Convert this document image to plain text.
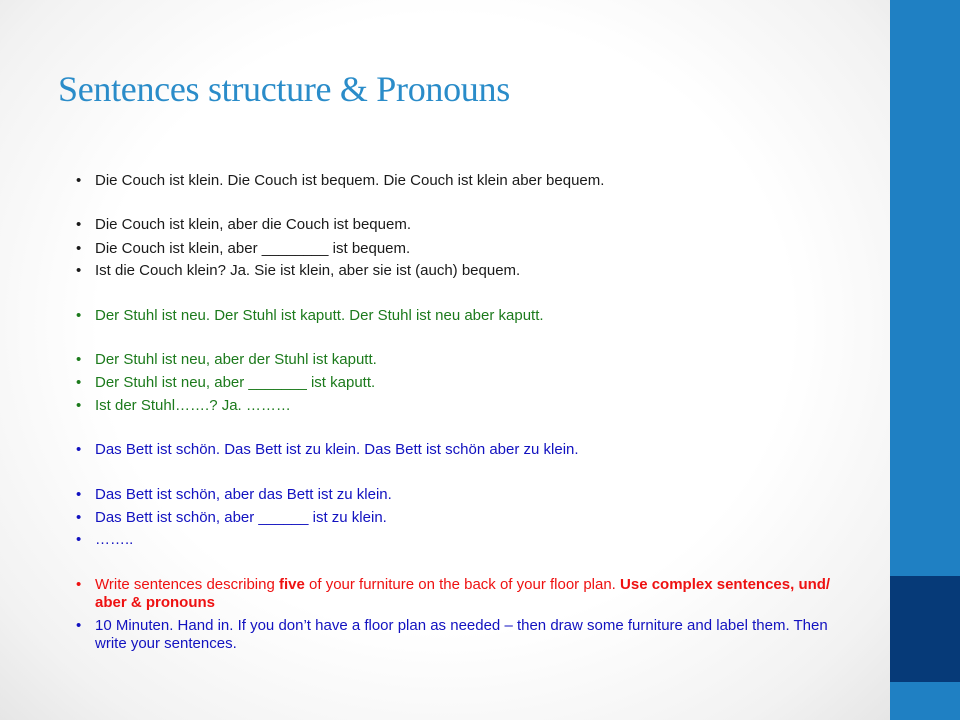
Sentences structure & Pronouns
• Die Couch ist klein. Die Couch ist bequem. Die Couch ist klein aber bequem.
• Die Couch ist klein, aber die Couch ist bequem.
• Die Couch ist klein, aber ________ ist bequem.
• Ist die Couch klein? Ja. Sie ist klein, aber sie ist (auch) bequem.
• Der Stuhl ist neu. Der Stuhl ist kaputt. Der Stuhl ist neu aber kaputt.
• Der Stuhl ist neu, aber der Stuhl ist kaputt.
• Der Stuhl ist neu, aber _______ ist kaputt.
• Ist der Stuhl…….? Ja. ………
• Das Bett ist schön. Das Bett ist zu klein. Das Bett ist schön aber zu klein.
• Das Bett ist schön, aber das Bett ist zu klein.
• Das Bett ist schön, aber ______ ist zu klein.
• ……..
• Write sentences describing five of your furniture on the back of your floor plan. Use complex sentences, und/ aber & pronouns
• 10 Minuten. Hand in. If you don’t have a floor plan as needed – then draw some furniture and label them. Then write your sentences.
